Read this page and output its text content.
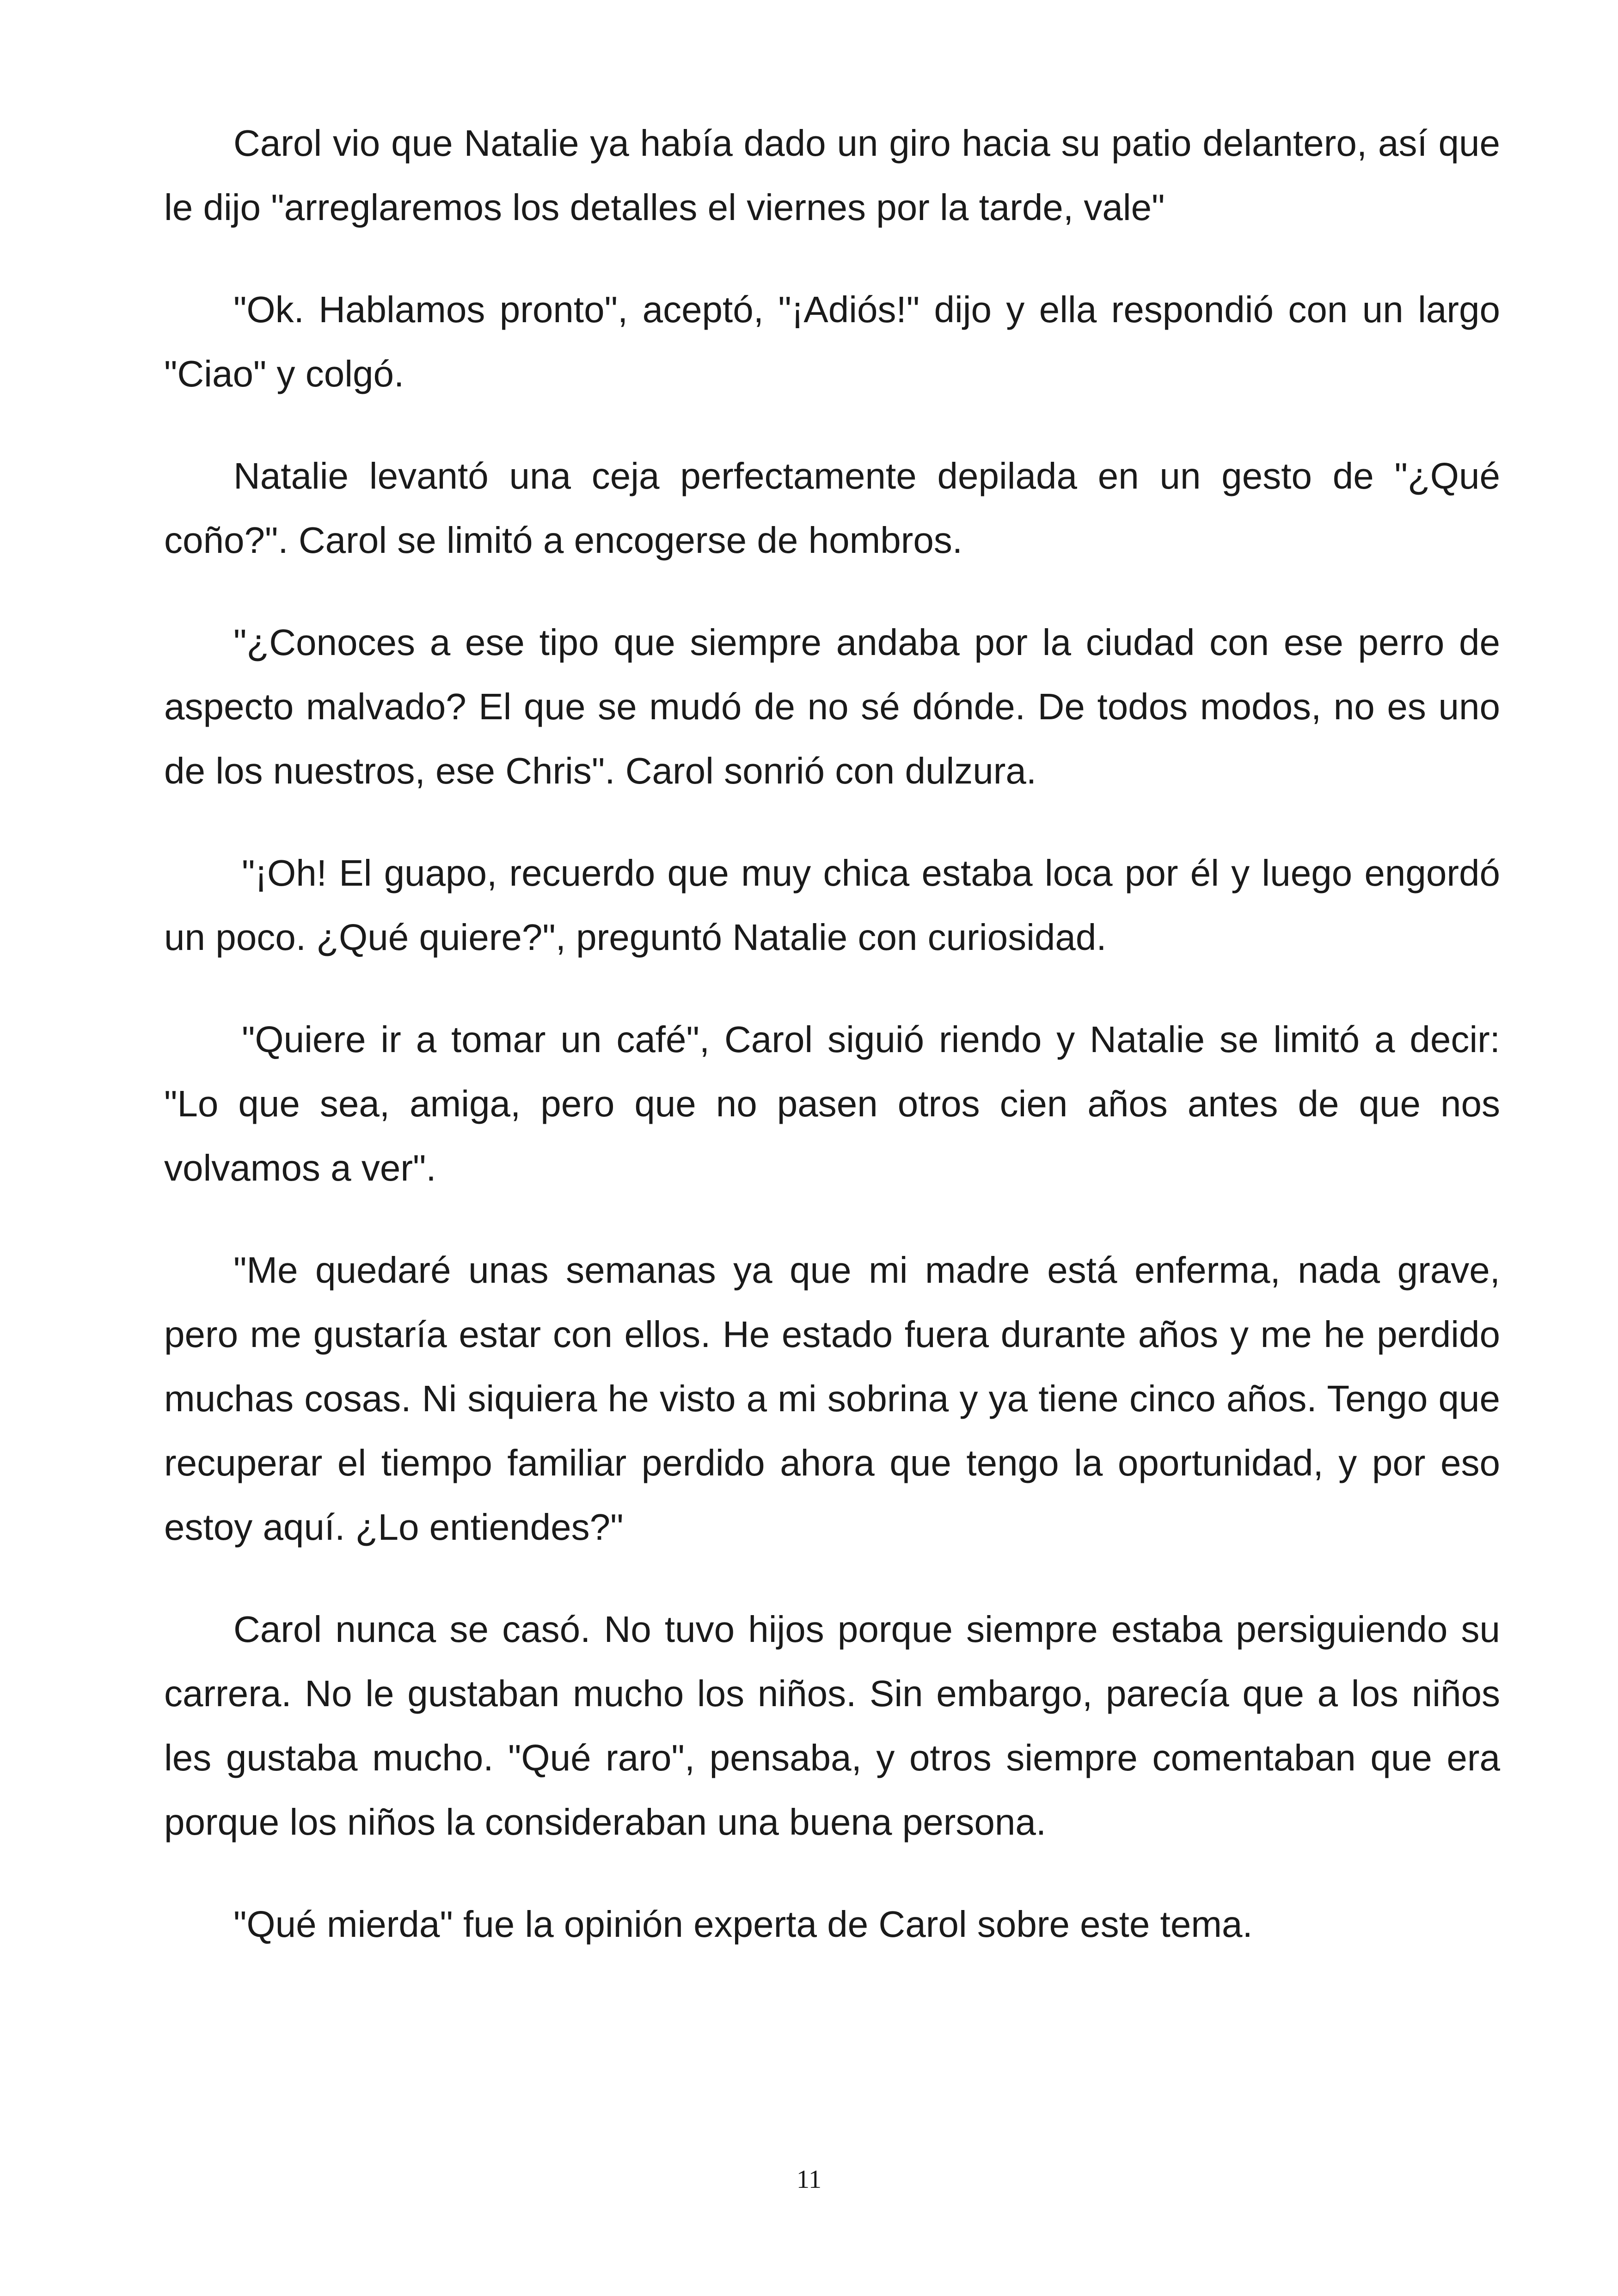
Carol vio que Natalie ya había dado un giro hacia su patio delantero, así que le dijo "arreglaremos los detalles el viernes por la tarde, vale"

"Ok. Hablamos pronto", aceptó, "¡Adiós!" dijo y ella respondió con un largo "Ciao" y colgó.

Natalie levantó una ceja perfectamente depilada en un gesto de "¿Qué coño?". Carol se limitó a encogerse de hombros.

"¿Conoces a ese tipo que siempre andaba por la ciudad con ese perro de aspecto malvado? El que se mudó de no sé dónde. De todos modos, no es uno de los nuestros, ese Chris". Carol sonrió con dulzura.

"¡Oh! El guapo, recuerdo que muy chica estaba loca por él y luego engordó un poco. ¿Qué quiere?", preguntó Natalie con curiosidad.

"Quiere ir a tomar un café", Carol siguió riendo y Natalie se limitó a decir: "Lo que sea, amiga, pero que no pasen otros cien años antes de que nos volvamos a ver".

"Me quedaré unas semanas ya que mi madre está enferma, nada grave, pero me gustaría estar con ellos. He estado fuera durante años y me he perdido muchas cosas. Ni siquiera he visto a mi sobrina y ya tiene cinco años. Tengo que recuperar el tiempo familiar perdido ahora que tengo la oportunidad, y por eso estoy aquí. ¿Lo entiendes?"

Carol nunca se casó. No tuvo hijos porque siempre estaba persiguiendo su carrera. No le gustaban mucho los niños. Sin embargo, parecía que a los niños les gustaba mucho. "Qué raro", pensaba, y otros siempre comentaban que era porque los niños la consideraban una buena persona.

"Qué mierda" fue la opinión experta de Carol sobre este tema.

11
